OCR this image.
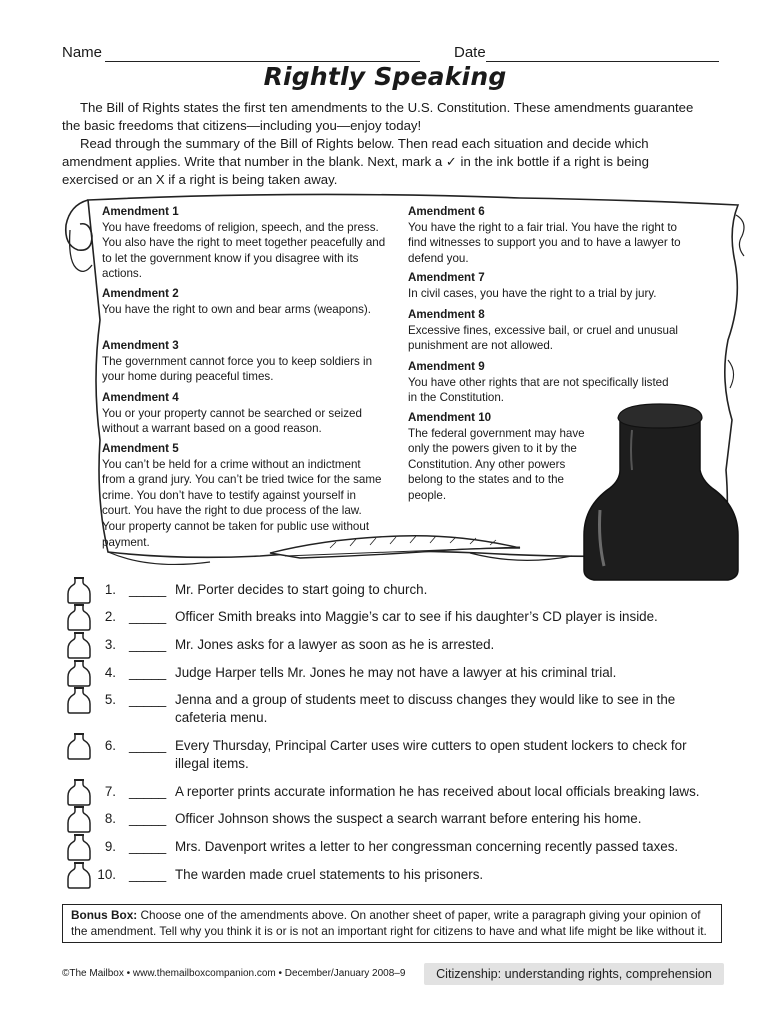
Name	Date
Rightly Speaking

The Bill of Rights states the first ten amendments to the U.S. Constitution. These amendments guarantee the basic freedoms that citizens—including you—enjoy today!

Read through the summary of the Bill of Rights below. Then read each situation and decide which amendment applies. Write that number in the blank. Next, mark a ✓ in the ink bottle if a right is being exercised or an X if a right is being taken away.

Amendment 1
You have freedoms of religion, speech, and the press. You also have the right to meet together peacefully and to let the government know if you disagree with its actions.
Amendment 2
You have the right to own and bear arms (weapons).
Amendment 3
The government cannot force you to keep soldiers in your home during peaceful times.
Amendment 4
You or your property cannot be searched or seized without a warrant based on a good reason.
Amendment 5
You can’t be held for a crime without an indictment from a grand jury. You can’t be tried twice for the same crime. You don’t have to testify against yourself in court. You have the right to due process of the law. Your property cannot be taken for public use without payment.
Amendment 6
You have the right to a fair trial. You have the right to find witnesses to support you and to have a lawyer to defend you.
Amendment 7
In civil cases, you have the right to a trial by jury.
Amendment 8
Excessive fines, excessive bail, or cruel and unusual punishment are not allowed.
Amendment 9
You have other rights that are not specifically listed in the Constitution.
Amendment 10
The federal government may have only the powers given to it by the Constitution. Any other powers belong to the states and to the people.
1. _____ Mr. Porter decides to start going to church.
2. _____ Officer Smith breaks into Maggie’s car to see if his daughter’s CD player is inside.
3. _____ Mr. Jones asks for a lawyer as soon as he is arrested.
4. _____ Judge Harper tells Mr. Jones he may not have a lawyer at his criminal trial.
5. _____ Jenna and a group of students meet to discuss changes they would like to see in the cafeteria menu.
6. _____ Every Thursday, Principal Carter uses wire cutters to open student lockers to check for illegal items.
7. _____ A reporter prints accurate information he has received about local officials breaking laws.
8. _____ Officer Johnson shows the suspect a search warrant before entering his home.
9. _____ Mrs. Davenport writes a letter to her congressman concerning recently passed taxes.
10. _____ The warden made cruel statements to his prisoners.
Bonus Box: Choose one of the amendments above. On another sheet of paper, write a paragraph giving your opinion of the amendment. Tell why you think it is or is not an important right for citizens to have and what life might be like without it.
©The Mailbox • www.themailboxcompanion.com • December/January 2008–9	Citizenship: understanding rights, comprehension
